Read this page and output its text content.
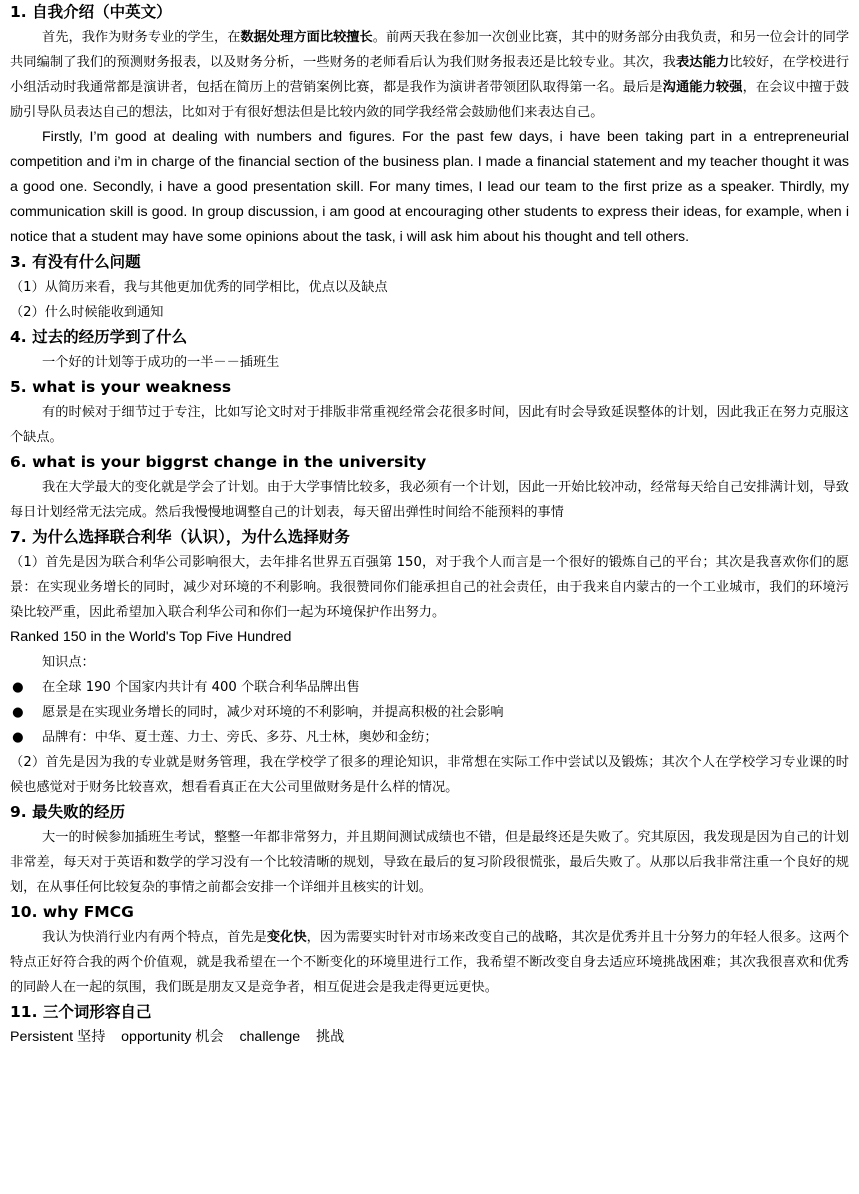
1. 自我介绍（中英文）

首先，我作为财务专业的学生，在数据处理方面比较擅长。前两天我在参加一次创业比赛，其中的财务部分由我负责，和另一位会计的同学共同编制了我们的预测财务报表，以及财务分析，一些财务的老师看后认为我们财务报表还是比较专业。其次，我表达能力比较好，在学校进行小组活动时我通常都是演讲者，包括在简历上的营销案例比赛，都是我作为演讲者带领团队取得第一名。最后是沟通能力较强，在会议中擅于鼓励引导队员表达自己的想法，比如对于有很好想法但是比较内敛的同学我经常会鼓励他们来表达自己。

Firstly, I’m good at dealing with numbers and figures. For the past few days, i have been taking part in a entrepreneurial competition and i’m in charge of the financial section of the business plan. I made a financial statement and my teacher thought it was a good one. Secondly, i have a good presentation skill. For many times, I lead our team to the first prize as a speaker. Thirdly, my communication skill is good. In group discussion, i am good at encouraging other students to express their ideas, for example, when i notice that a student may have some opinions about the task, i will ask him about his thought and tell others.

3. 有没有什么问题

（1）从简历来看，我与其他更加优秀的同学相比，优点以及缺点

（2）什么时候能收到通知

4. 过去的经历学到了什么

一个好的计划等于成功的一半－－插班生

5. what is your weakness

有的时候对于细节过于专注，比如写论文时对于排版非常重视经常会花很多时间，因此有时会导致延误整体的计划，因此我正在努力克服这个缺点。

6. what is your biggrst change in the university

我在大学最大的变化就是学会了计划。由于大学事情比较多，我必须有一个计划，因此一开始比较冲动，经常每天给自己安排满计划，导致每日计划经常无法完成。然后我慢慢地调整自己的计划表，每天留出弹性时间给不能预料的事情

7. 为什么选择联合利华（认识），为什么选择财务

（1）首先是因为联合利华公司影响很大，去年排名世界五百强第 150，对于我个人而言是一个很好的锻炼自己的平台；其次是我喜欢你们的愿景：在实现业务增长的同时，减少对环境的不利影响。我很赞同你们能承担自己的社会责任，由于我来自内蒙古的一个工业城市，我们的环境污染比较严重，因此希望加入联合利华公司和你们一起为环境保护作出努力。

Ranked 150 in the World's Top Five Hundred

知识点：

●	在全球 190 个国家内共计有 400 个联合利华品牌出售
●	愿景是在实现业务增长的同时，减少对环境的不利影响，并提高积极的社会影响
●	品牌有：中华、夏士莲、力士、旁氏、多芬、凡士林，奥妙和金纺；

（2）首先是因为我的专业就是财务管理，我在学校学了很多的理论知识，非常想在实际工作中尝试以及锻炼；其次个人在学校学习专业课的时候也感觉对于财务比较喜欢，想看看真正在大公司里做财务是什么样的情况。

9. 最失败的经历

大一的时候参加插班生考试，整整一年都非常努力，并且期间测试成绩也不错，但是最终还是失败了。究其原因，我发现是因为自己的计划非常差，每天对于英语和数学的学习没有一个比较清晰的规划，导致在最后的复习阶段很慌张，最后失败了。从那以后我非常注重一个良好的规划，在从事任何比较复杂的事情之前都会安排一个详细并且核实的计划。

10. why FMCG

我认为快消行业内有两个特点，首先是变化快，因为需要实时针对市场来改变自己的战略，其次是优秀并且十分努力的年轻人很多。这两个特点正好符合我的两个价值观，就是我希望在一个不断变化的环境里进行工作，我希望不断改变自身去适应环境挑战困难；其次我很喜欢和优秀的同龄人在一起的氛围，我们既是朋友又是竞争者，相互促进会是我走得更远更快。

11. 三个词形容自己

Persistent 坚持    opportunity 机会    challenge    挑战
